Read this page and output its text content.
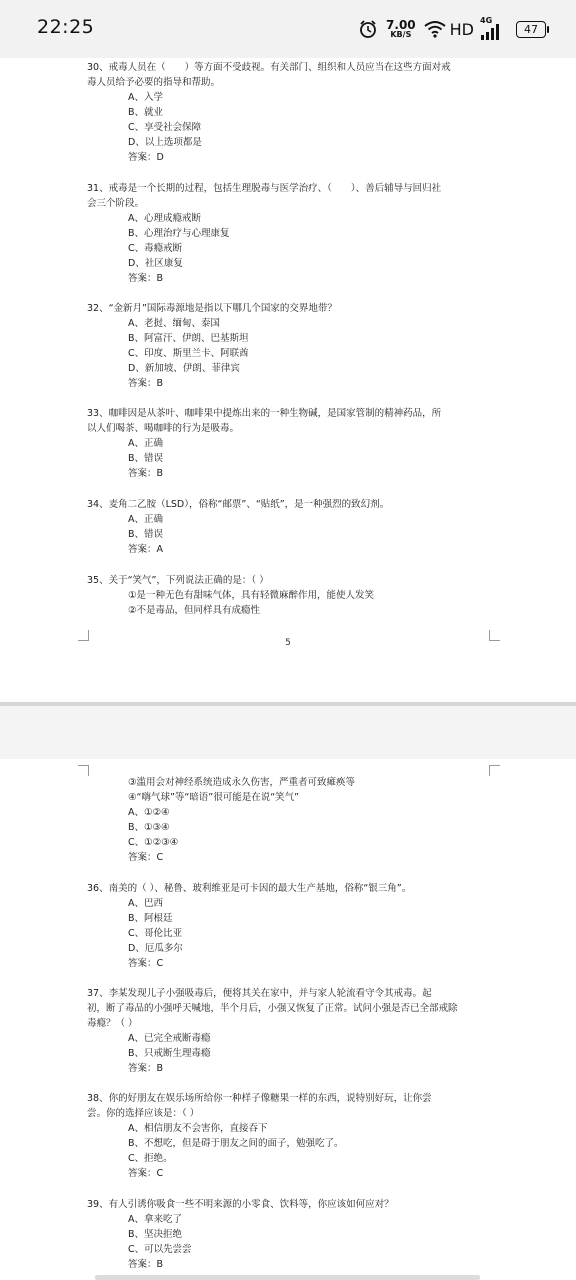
22:25	7.00
KB/S HD 4G
47
30、戒毒人员在（　　）等方面不受歧视。有关部门、组织和人员应当在这些方面对戒
毒人员给予必要的指导和帮助。
A、入学
B、就业
C、享受社会保障
D、以上选项都是
答案：D
31、戒毒是一个长期的过程，包括生理脱毒与医学治疗、（　　）、善后辅导与回归社
会三个阶段。
A、心理成瘾戒断
B、心理治疗与心理康复
C、毒瘾戒断
D、社区康复
答案：B
32、“金新月”国际毒源地是指以下哪几个国家的交界地带？
A、老挝、缅甸、泰国
B、阿富汗、伊朗、巴基斯坦
C、印度、斯里兰卡、阿联酋
D、新加坡、伊朗、菲律宾
答案：B
33、咖啡因是从茶叶、咖啡果中提炼出来的一种生物碱，是国家管制的精神药品，所
以人们喝茶、喝咖啡的行为是吸毒。
A、正确
B、错误
答案：B
34、麦角二乙胺（LSD），俗称“邮票”、“贴纸”，是一种强烈的致幻剂。
A、正确
B、错误
答案：A
35、关于“笑气”，下列说法正确的是：（ ）
①是一种无色有甜味气体，具有轻微麻醉作用，能使人发笑
②不是毒品，但同样具有成瘾性
5
③滥用会对神经系统造成永久伤害，严重者可致瘫痪等
④“嗨气球”等“暗语”很可能是在说“笑气”
A、①②④
B、①③④
C、①②③④
答案：C
36、南美的（ ）、秘鲁、玻利维亚是可卡因的最大生产基地，俗称“银三角”。
A、巴西
B、阿根廷
C、哥伦比亚
D、厄瓜多尔
答案：C
37、李某发现儿子小强吸毒后，便将其关在家中，并与家人轮流看守令其戒毒。起
初，断了毒品的小强呼天喊地，半个月后，小强又恢复了正常。试问小强是否已全部戒除
毒瘾？（ ）
A、已完全戒断毒瘾
B、只戒断生理毒瘾
答案：B
38、你的好朋友在娱乐场所给你一种样子像糖果一样的东西，说特别好玩，让你尝
尝。你的选择应该是：（ ）
A、相信朋友不会害你，直接吞下
B、不想吃，但是碍于朋友之间的面子，勉强吃了。
C、拒绝。
答案：C
39、有人引诱你吸食一些不明来源的小零食、饮料等，你应该如何应对？
A、拿来吃了
B、坚决拒绝
C、可以先尝尝
答案：B
